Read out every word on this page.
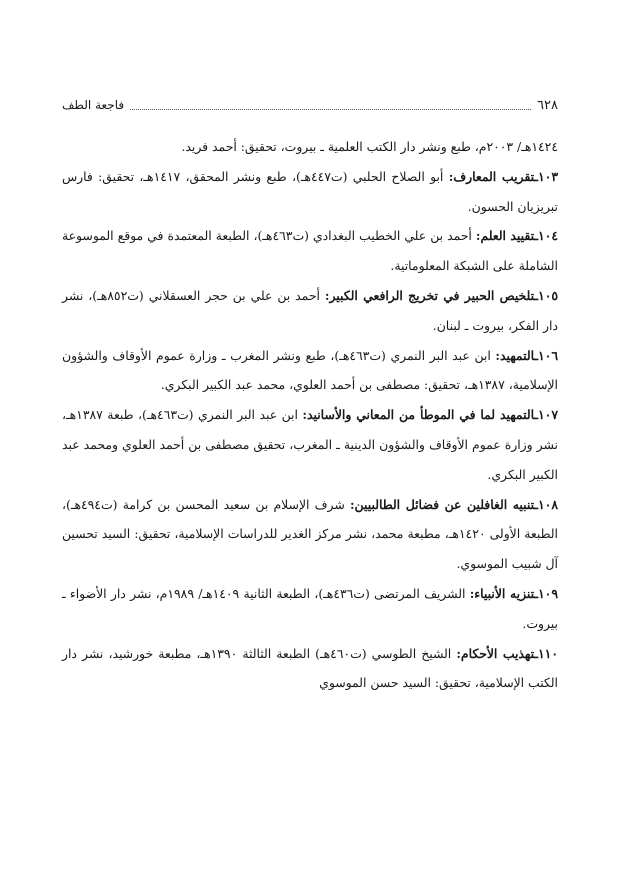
٦٢٨
فاجعة الطف

١٤٢٤هـ/ ٢٠٠٣م، طبع ونشر دار الكتب العلمية ـ بيروت، تحقيق: أحمد فريد.

١٠٣ـتقريب المعارف: أبو الصلاح الحلبي (ت٤٤٧هـ)، طبع ونشر المحقق، ١٤١٧هـ، تحقيق: فارس تبريزيان الحسون.

١٠٤ـتقييد العلم: أحمد بن علي الخطيب البغدادي (ت٤٦٣هـ)، الطبعة المعتمدة في موقع الموسوعة الشاملة على الشبكة المعلوماتية.

١٠٥ـتلخيص الحبير في تخريج الرافعي الكبير: أحمد بن علي بن حجر العسقلاني (ت٨٥٢هـ)، نشر دار الفكر، بيروت ـ لبنان.

١٠٦ـالتمهيد: ابن عبد البر النمري (ت٤٦٣هـ)، طبع ونشر المغرب ـ وزارة عموم الأوقاف والشؤون الإسلامية، ١٣٨٧هـ، تحقيق: مصطفى بن أحمد العلوي، محمد عبد الكبير البكري.

١٠٧ـالتمهيد لما في الموطأ من المعاني والأسانيد: ابن عبد البر النمري (ت٤٦٣هـ)، طبعة ١٣٨٧هـ، نشر وزارة عموم الأوقاف والشؤون الدينية ـ المغرب، تحقيق مصطفى بن أحمد العلوي ومحمد عبد الكبير البكري.

١٠٨ـتنبيه الغافلين عن فضائل الطالبيين: شرف الإسلام بن سعيد المحسن بن كرامة (ت٤٩٤هـ)، الطبعة الأولى ١٤٢٠هـ، مطبعة محمد، نشر مركز الغدير للدراسات الإسلامية، تحقيق: السيد تحسين آل شبيب الموسوي.

١٠٩ـتنزيه الأنبياء: الشريف المرتضى (ت٤٣٦هـ)، الطبعة الثانية ١٤٠٩هـ/ ١٩٨٩م، نشر دار الأضواء ـ بيروت.

١١٠ـتهذيب الأحكام: الشيخ الطوسي (ت٤٦٠هـ) الطبعة الثالثة ١٣٩٠هـ، مطبعة خورشيد، نشر دار الكتب الإسلامية، تحقيق: السيد حسن الموسوي
